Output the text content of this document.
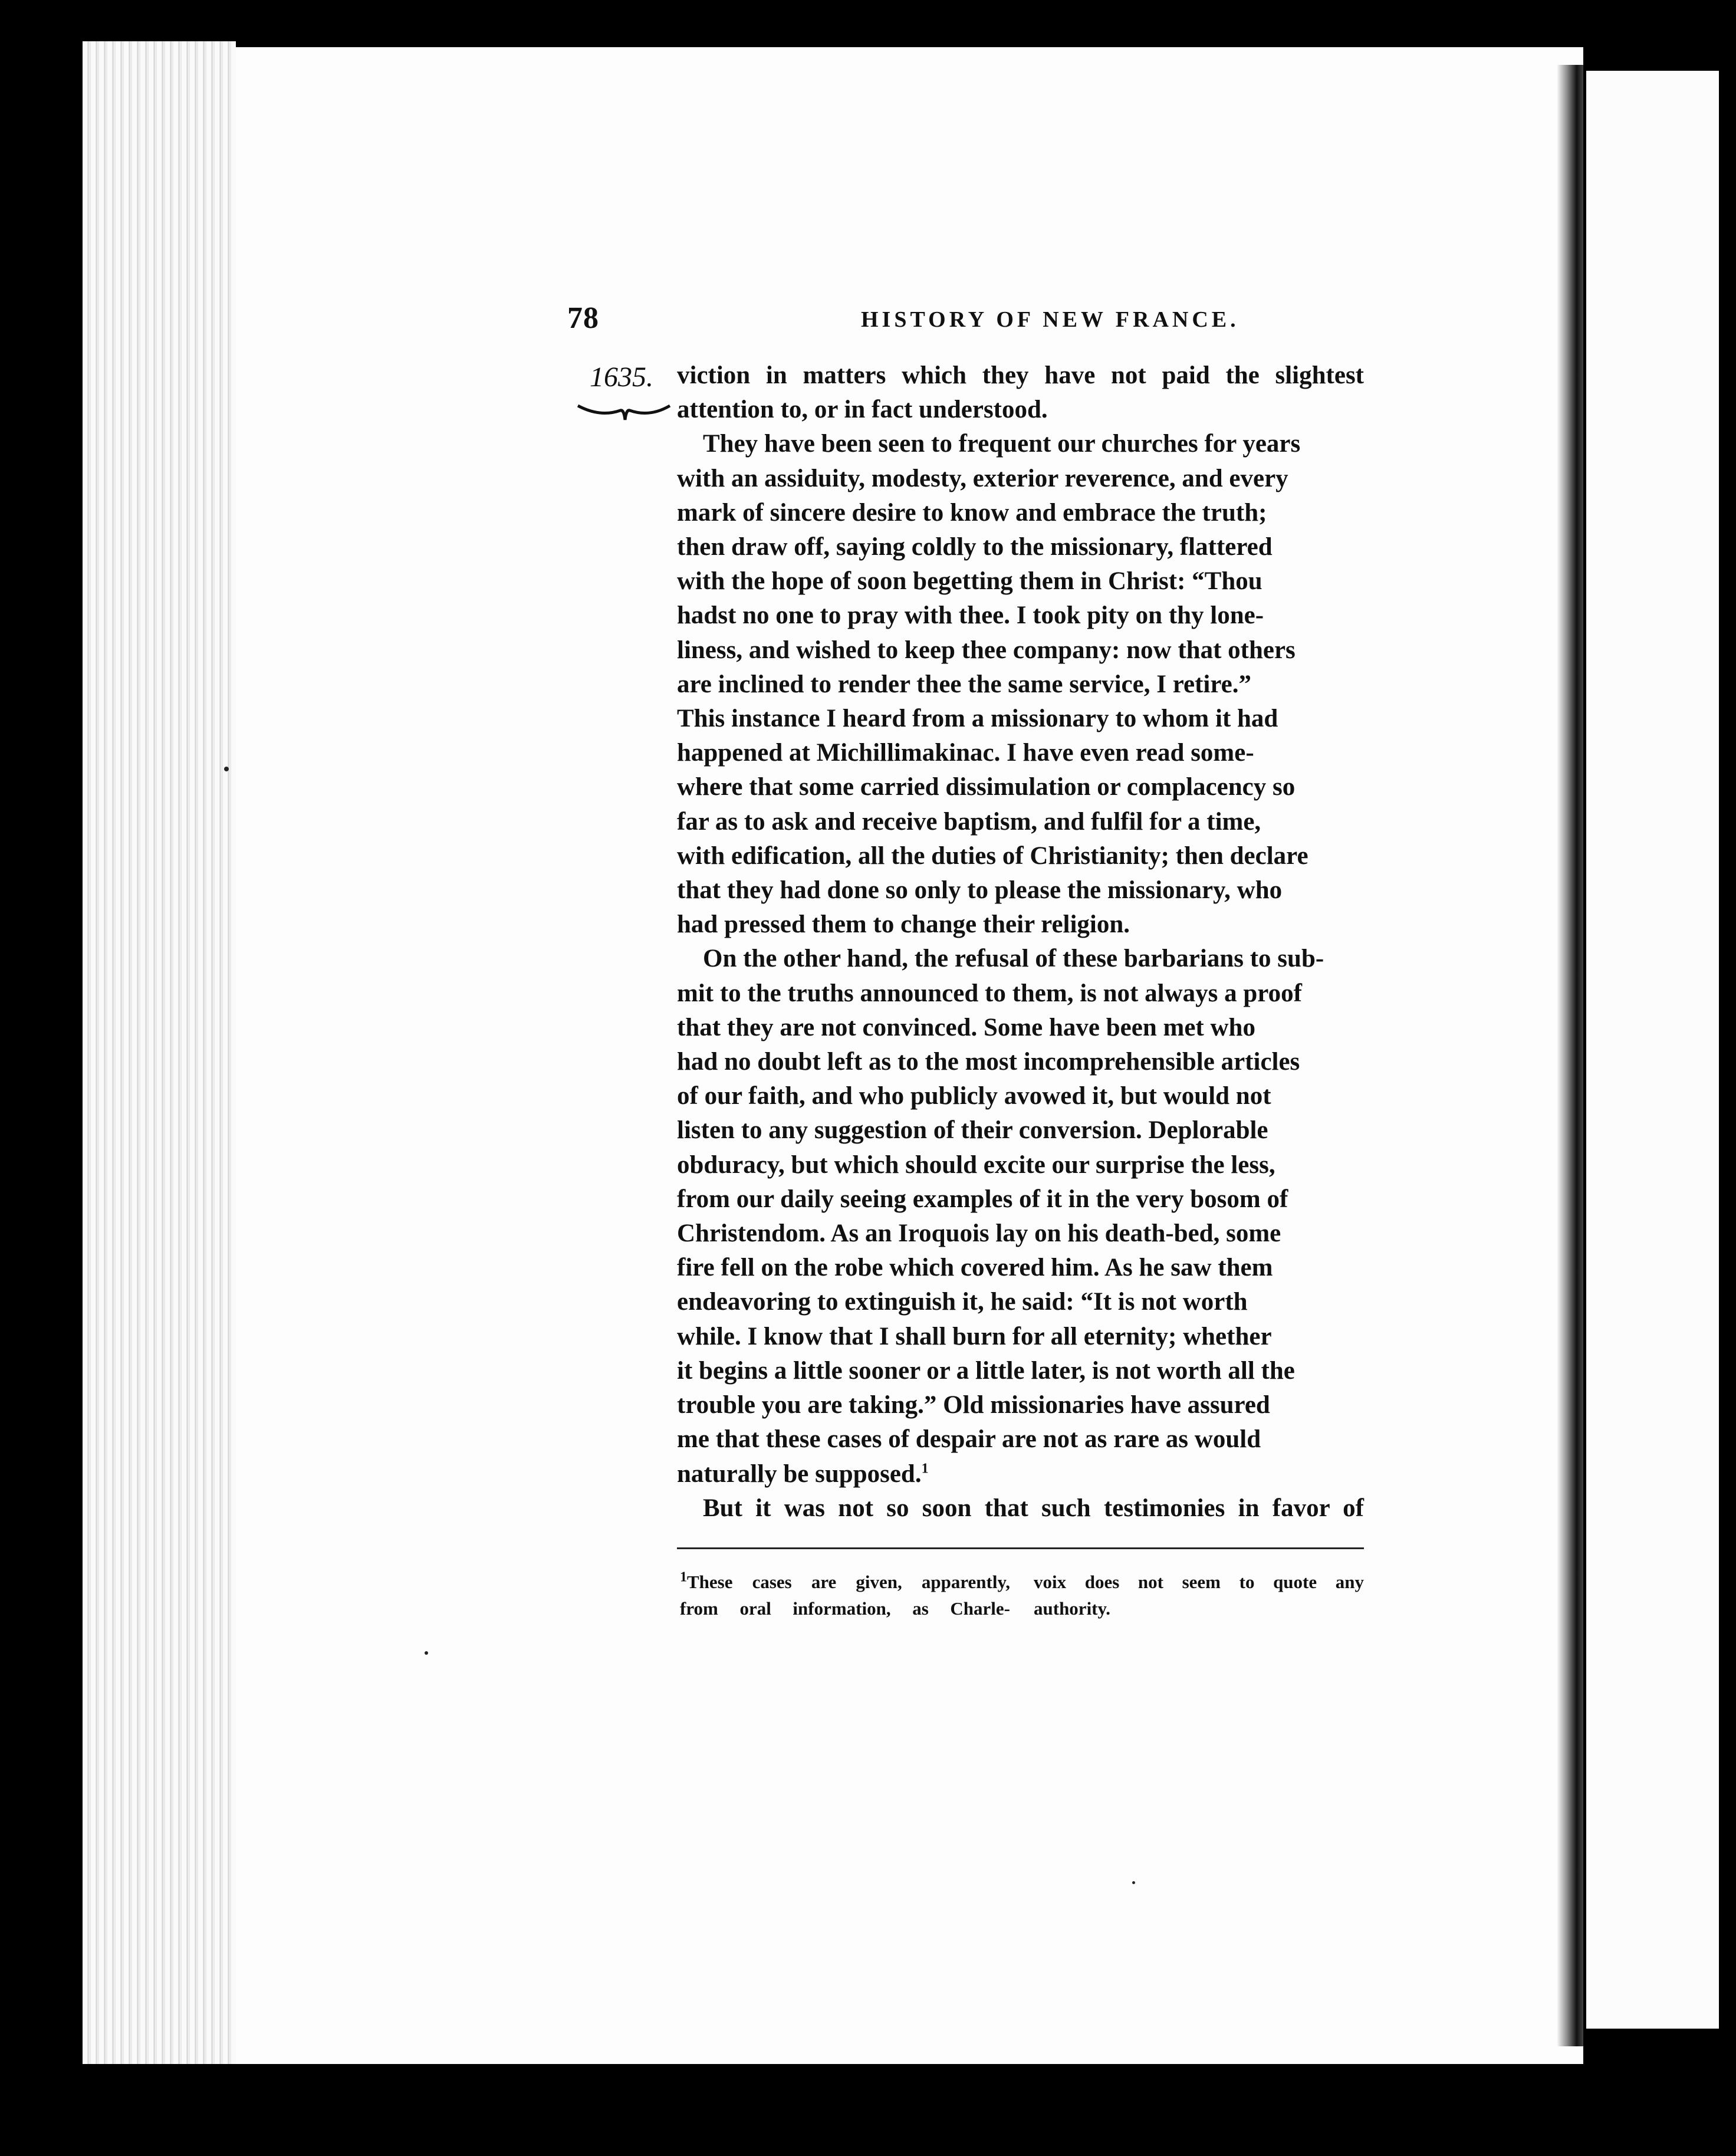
78	HISTORY OF NEW FRANCE.
1635. viction in matters which they have not paid the slightest
attention to, or in fact understood.

They have been seen to frequent our churches for years
with an assiduity, modesty, exterior reverence, and every
mark of sincere desire to know and embrace the truth;
then draw off, saying coldly to the missionary, flattered
with the hope of soon begetting them in Christ: “Thou
hadst no one to pray with thee. I took pity on thy lone-
liness, and wished to keep thee company: now that others
are inclined to render thee the same service, I retire.”
This instance I heard from a missionary to whom it had
happened at Michillimakinac. I have even read some-
where that some carried dissimulation or complacency so
far as to ask and receive baptism, and fulfil for a time,
with edification, all the duties of Christianity; then declare
that they had done so only to please the missionary, who
had pressed them to change their religion.

On the other hand, the refusal of these barbarians to sub-
mit to the truths announced to them, is not always a proof
that they are not convinced. Some have been met who
had no doubt left as to the most incomprehensible articles
of our faith, and who publicly avowed it, but would not
listen to any suggestion of their conversion. Deplorable
obduracy, but which should excite our surprise the less,
from our daily seeing examples of it in the very bosom of
Christendom. As an Iroquois lay on his death-bed, some
fire fell on the robe which covered him. As he saw them
endeavoring to extinguish it, he said: “It is not worth
while. I know that I shall burn for all eternity; whether
it begins a little sooner or a little later, is not worth all the
trouble you are taking.” Old missionaries have assured
me that these cases of despair are not as rare as would
naturally be supposed.$^1$

But it was not so soon that such testimonies in favor of

$^1$These cases are given, apparently,
from oral information, as Charle-
voix does not seem to quote any
authority.
